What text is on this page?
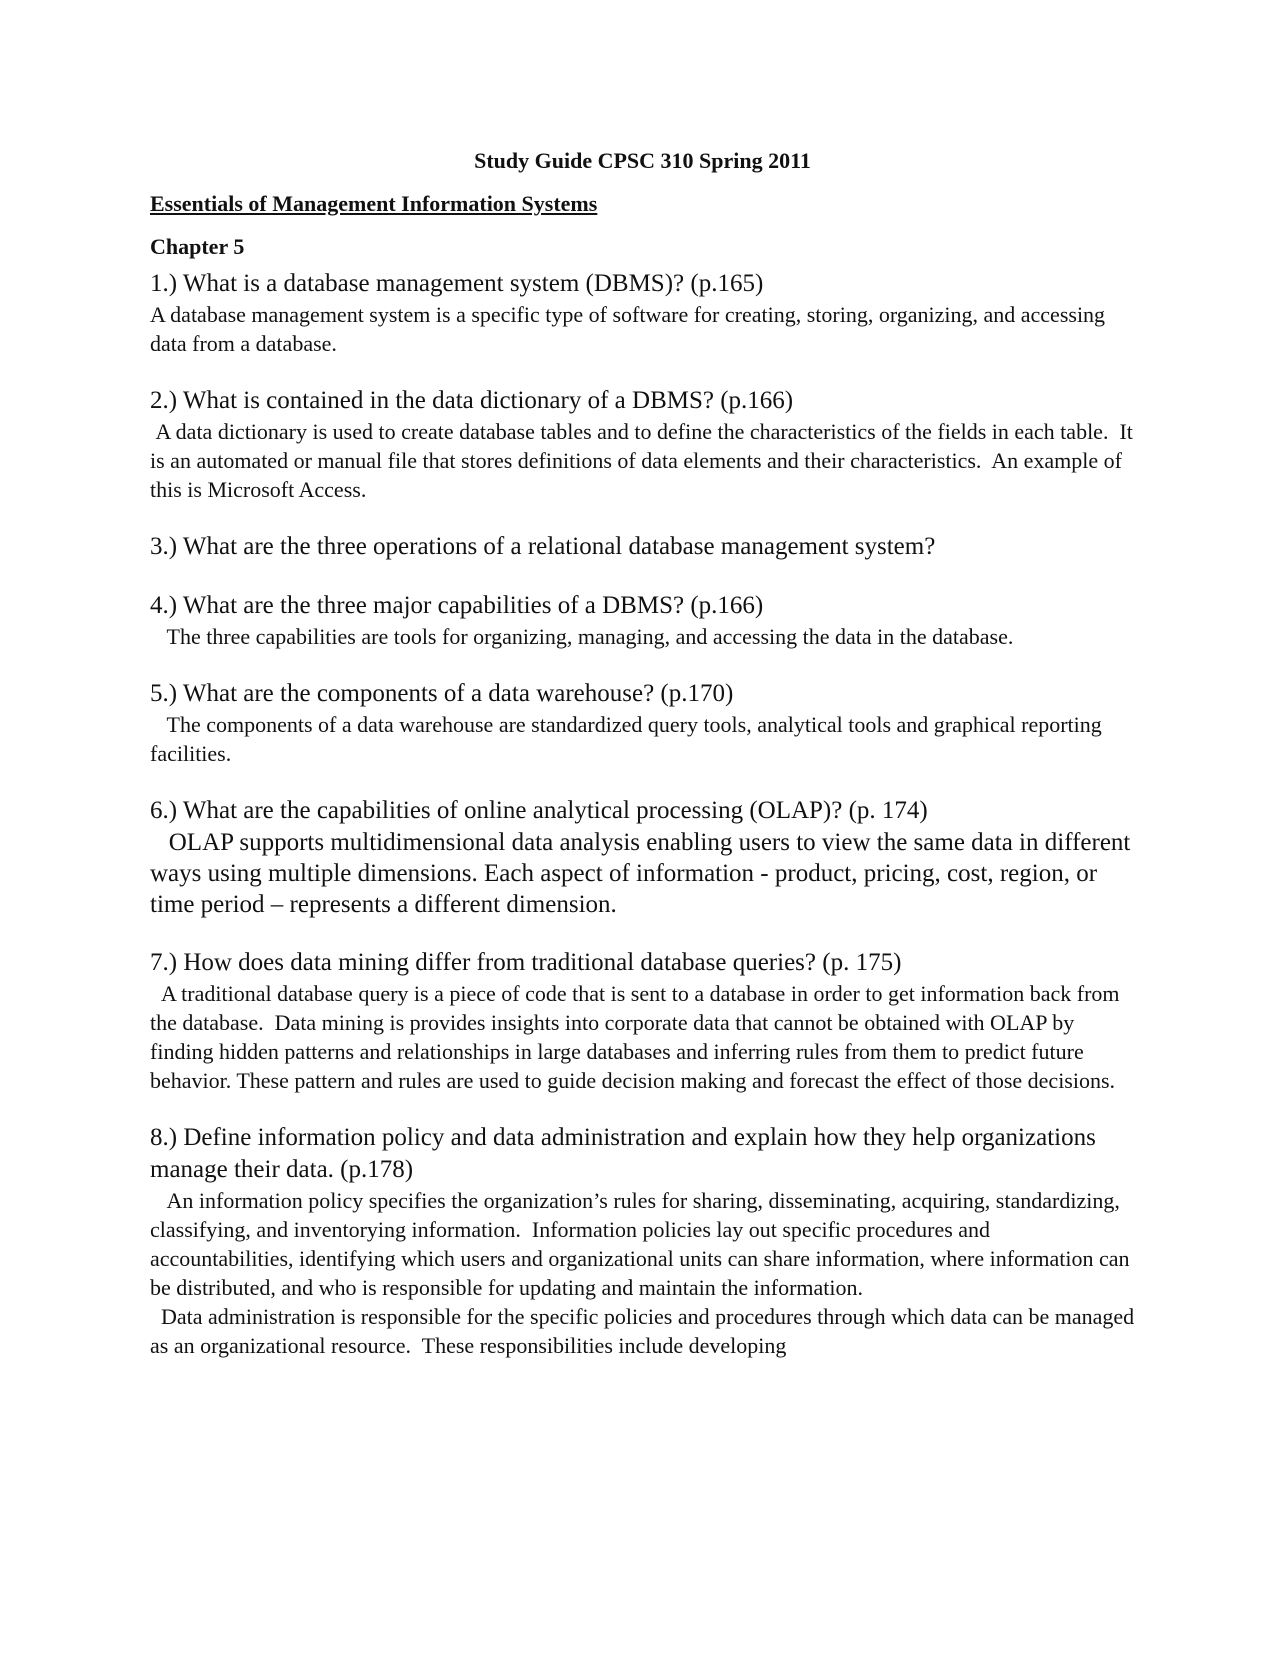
Study Guide CPSC 310 Spring 2011

Essentials of Management Information Systems

Chapter 5

1.) What is a database management system (DBMS)? (p.165)

A database management system is a specific type of software for creating, storing, organizing, and accessing data from a database.

2.) What is contained in the data dictionary of a DBMS? (p.166)

A data dictionary is used to create database tables and to define the characteristics of the fields in each table.  It is an automated or manual file that stores definitions of data elements and their characteristics.  An example of this is Microsoft Access.

3.) What are the three operations of a relational database management system?

4.) What are the three major capabilities of a DBMS? (p.166)

The three capabilities are tools for organizing, managing, and accessing the data in the database.

5.) What are the components of a data warehouse? (p.170)

The components of a data warehouse are standardized query tools, analytical tools and graphical reporting facilities.

6.) What are the capabilities of online analytical processing (OLAP)? (p. 174)

OLAP supports multidimensional data analysis enabling users to view the same data in different ways using multiple dimensions. Each aspect of information - product, pricing, cost, region, or time period – represents a different dimension.

7.) How does data mining differ from traditional database queries? (p. 175)

A traditional database query is a piece of code that is sent to a database in order to get information back from the database.  Data mining is provides insights into corporate data that cannot be obtained with OLAP by finding hidden patterns and relationships in large databases and inferring rules from them to predict future behavior. These pattern and rules are used to guide decision making and forecast the effect of those decisions.

8.) Define information policy and data administration and explain how they help organizations manage their data. (p.178)

An information policy specifies the organization’s rules for sharing, disseminating, acquiring, standardizing, classifying, and inventorying information.  Information policies lay out specific procedures and accountabilities, identifying which users and organizational units can share information, where information can be distributed, and who is responsible for updating and maintain the information.
Data administration is responsible for the specific policies and procedures through which data can be managed as an organizational resource.  These responsibilities include developing
